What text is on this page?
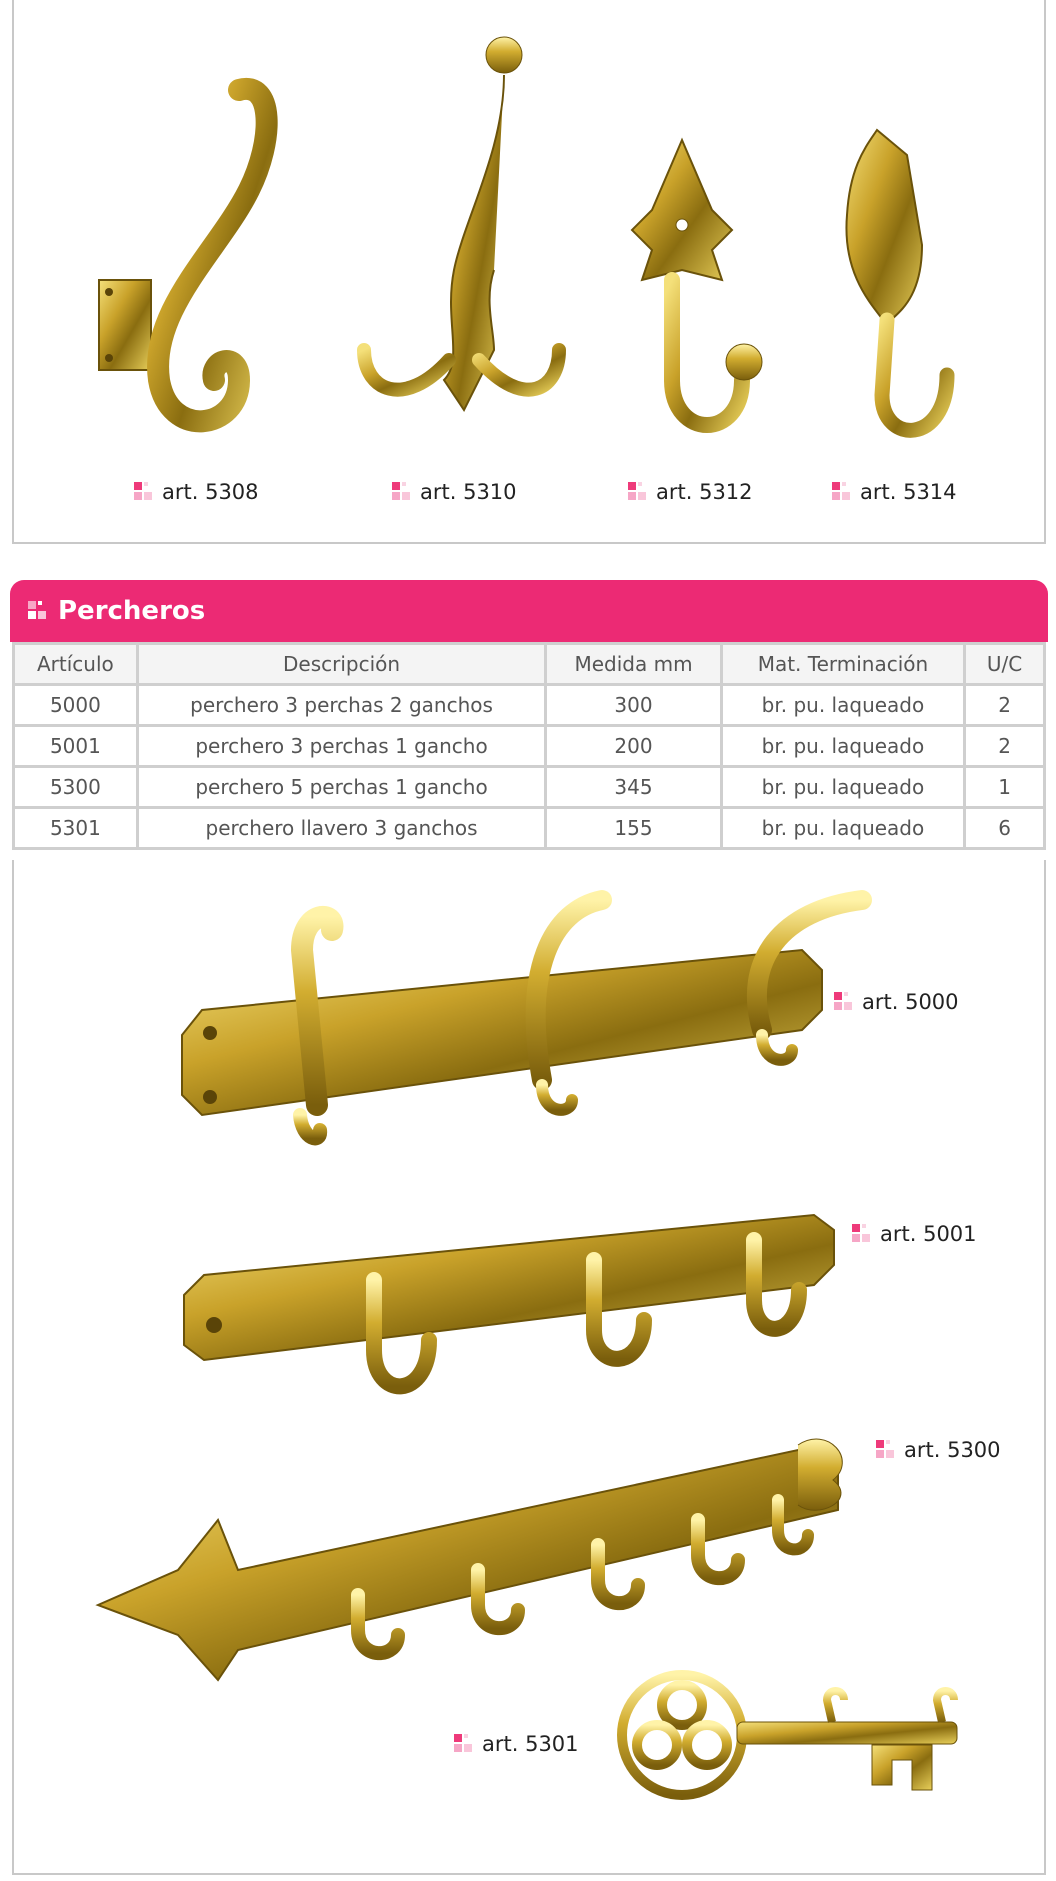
art. 5308	art. 5310	art. 5312	art. 5314
Percheros
Artículo	Descripción	Medida mm	Mat. Terminación	U/C
5000	perchero 3 perchas 2 ganchos	300	br. pu. laqueado	2
5001	perchero 3 perchas 1 gancho	200	br. pu. laqueado	2
5300	perchero 5 perchas 1 gancho	345	br. pu. laqueado	1
5301	perchero llavero 3 ganchos	155	br. pu. laqueado	6
art. 5000
art. 5001
art. 5300
art. 5301
